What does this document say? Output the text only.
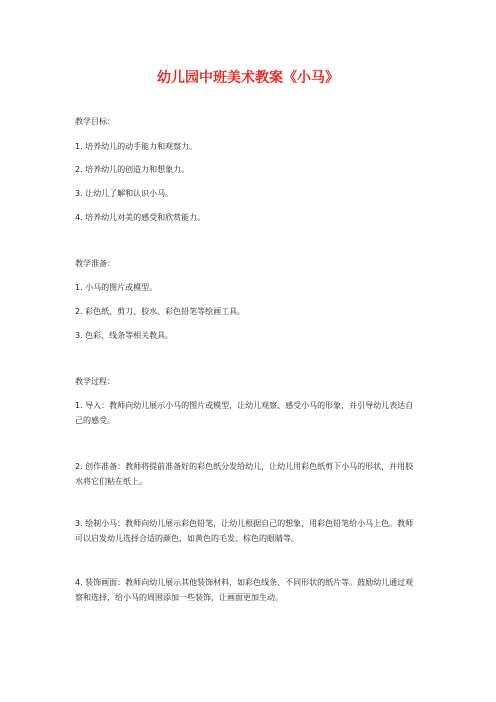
幼儿园中班美术教案《小马》
教学目标：
1. 培养幼儿的动手能力和观察力。
2. 培养幼儿的创造力和想象力。
3. 让幼儿了解和认识小马。
4. 培养幼儿对美的感受和欣赏能力。
教学准备：
1. 小马的图片或模型。
2. 彩色纸、剪刀、胶水、彩色铅笔等绘画工具。
3. 色彩、线条等相关教具。
教学过程：
1. 导入：教师向幼儿展示小马的图片或模型，让幼儿观察、感受小马的形象，并引导幼儿表达自己的感受。
2. 创作准备：教师将提前准备好的彩色纸分发给幼儿，让幼儿用彩色纸剪下小马的形状，并用胶水将它们粘在纸上。
3. 绘制小马：教师向幼儿展示彩色铅笔，让幼儿根据自己的想象，用彩色铅笔给小马上色。教师可以启发幼儿选择合适的颜色，如黄色的毛发、棕色的眼睛等。
4. 装饰画面：教师向幼儿展示其他装饰材料，如彩色线条、不同形状的纸片等。鼓励幼儿通过观察和选择，给小马的周围添加一些装饰，让画面更加生动。
